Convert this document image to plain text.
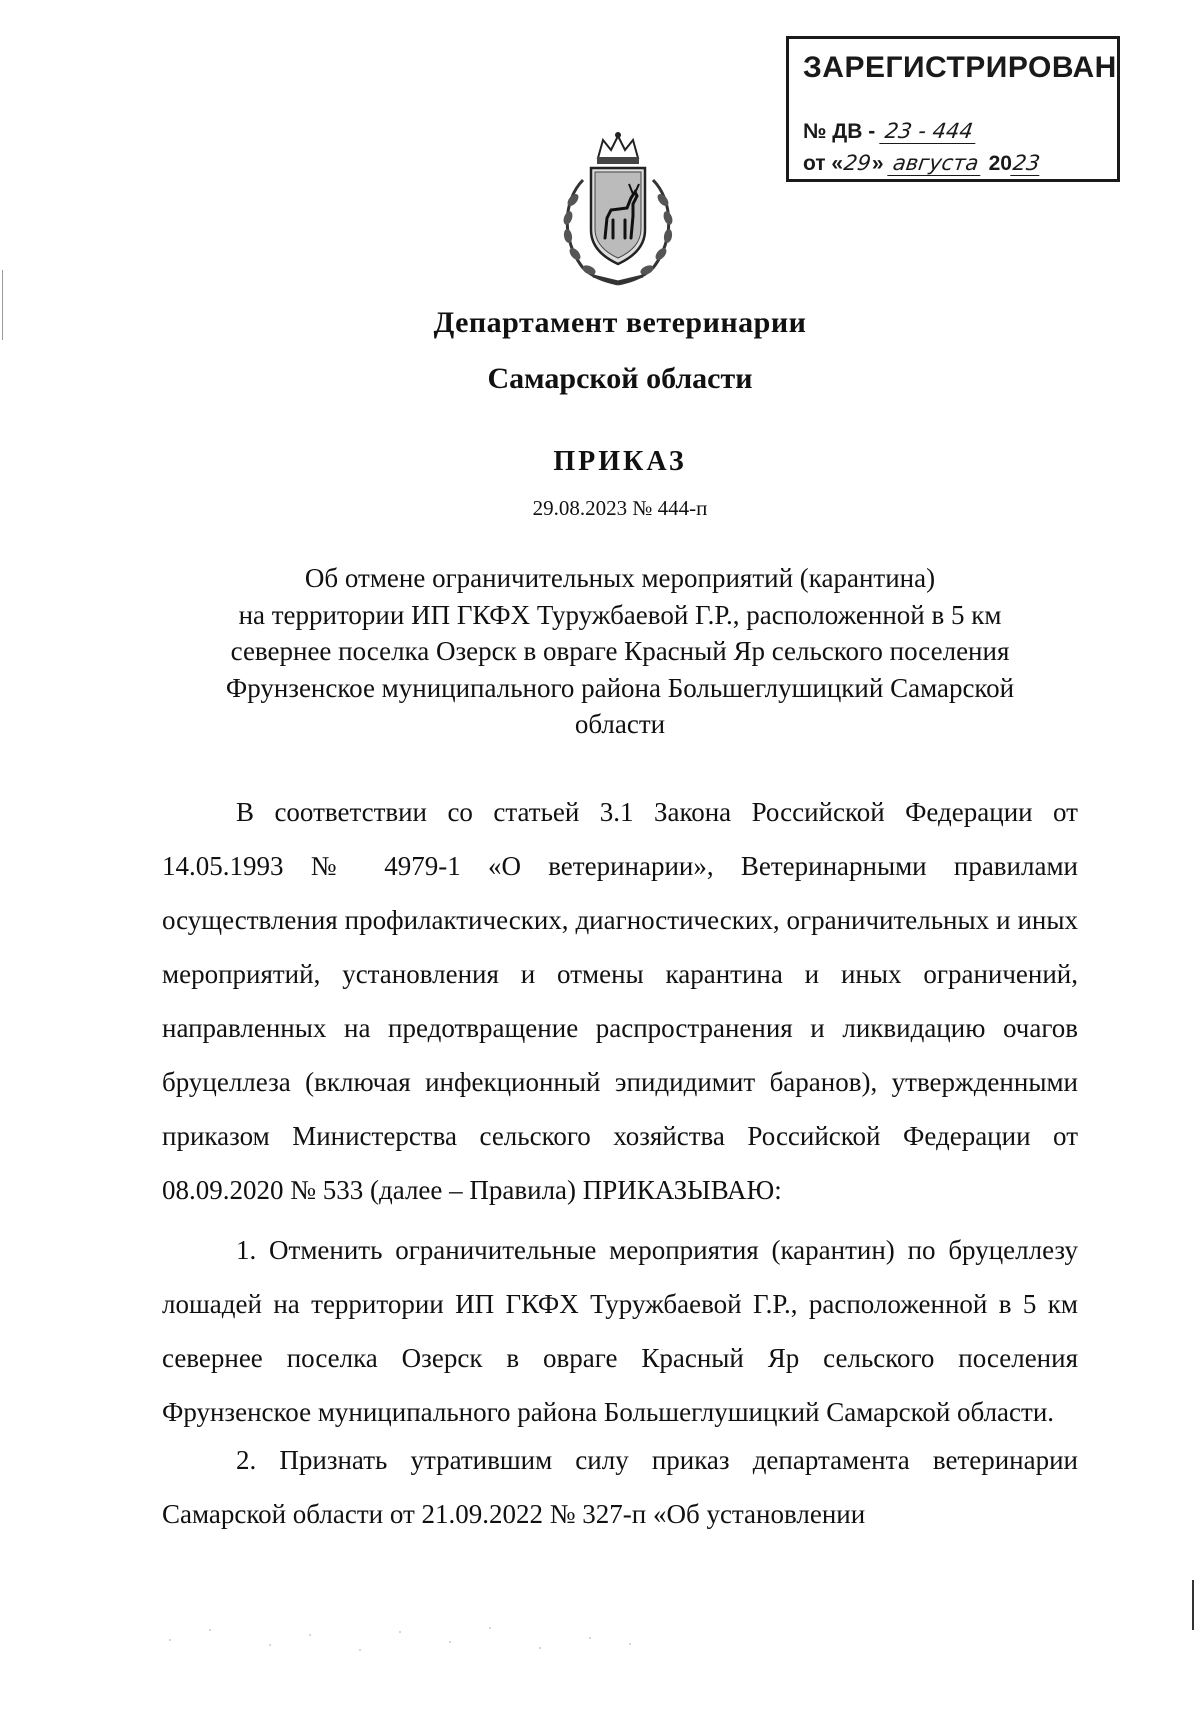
ЗАРЕГИСТРИРОВАН
№ ДВ - 23 - 444
от «29» августа 2023
Департамент ветеринарии
Самарской области
ПРИКАЗ
29.08.2023 № 444-п
Об отмене ограничительных мероприятий (карантина)
на территории ИП ГКФХ Туружбаевой Г.Р., расположенной в 5 км
севернее поселка Озерск в овраге Красный Яр сельского поселения
Фрунзенское муниципального района Большеглушицкий Самарской
области
В соответствии со статьей 3.1 Закона Российской Федерации от 14.05.1993 № 4979-1 «О ветеринарии», Ветеринарными правилами осуществления профилактических, диагностических, ограничительных и иных мероприятий, установления и отмены карантина и иных ограничений, направленных на предотвращение распространения и ликвидацию очагов бруцеллеза (включая инфекционный эпидидимит баранов), утвержденными приказом Министерства сельского хозяйства Российской Федерации от 08.09.2020 № 533 (далее – Правила) ПРИКАЗЫВАЮ:
1. Отменить ограничительные мероприятия (карантин) по бруцеллезу лошадей на территории ИП ГКФХ Туружбаевой Г.Р., расположенной в 5 км севернее поселка Озерск в овраге Красный Яр сельского поселения Фрунзенское муниципального района Большеглушицкий Самарской области.
2. Признать утратившим силу приказ департамента ветеринарии Самарской области от 21.09.2022 № 327-п «Об установлении
